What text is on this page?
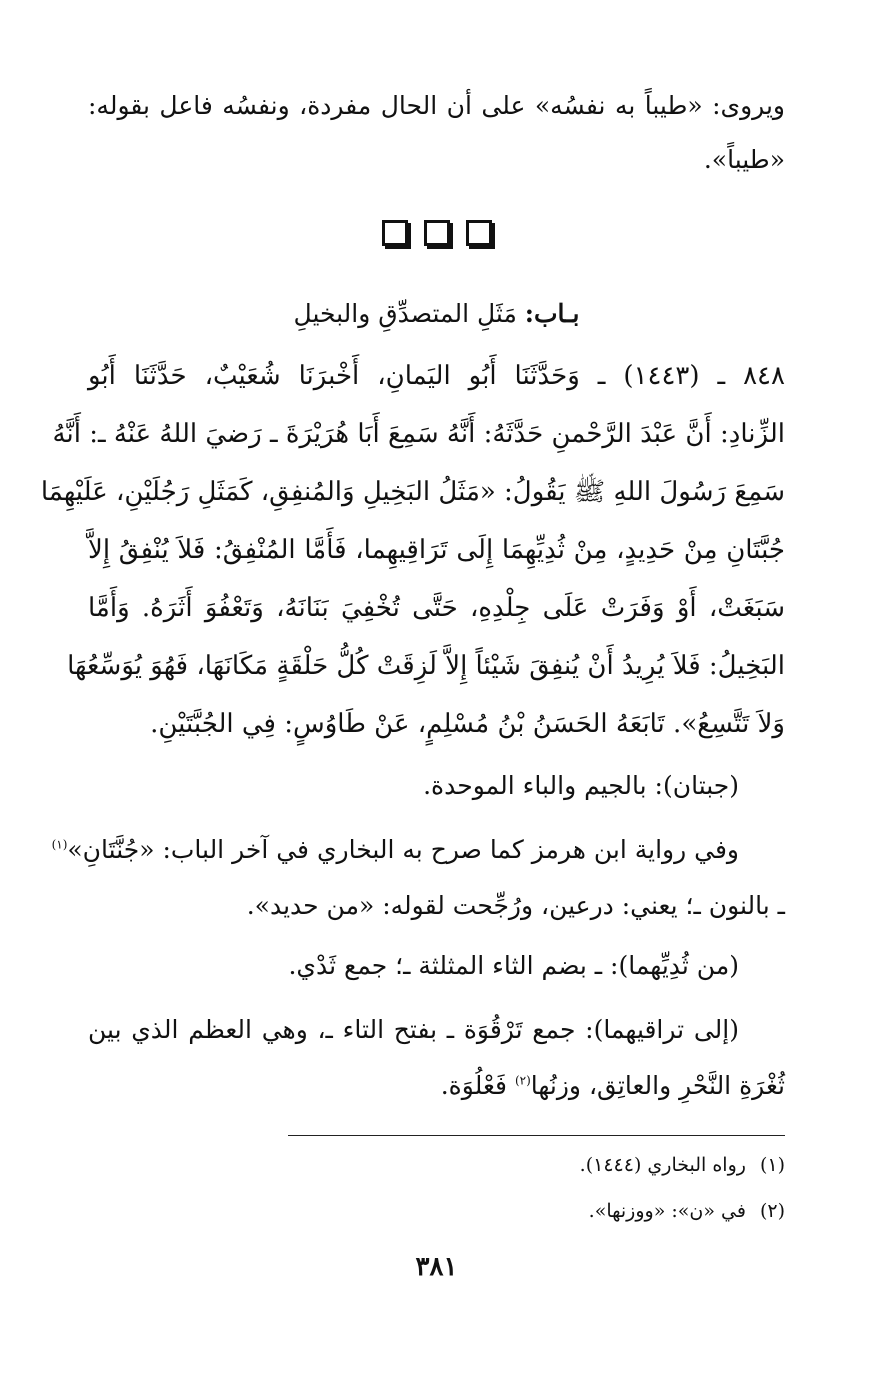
ويروى: «طيباً به نفسُه» على أن الحال مفردة، ونفسُه فاعل بقوله:
«طيباً».
بـاب: مَثَلِ المتصدِّقِ والبخيلِ
٨٤٨ ـ (١٤٤٣) ـ وَحَدَّثَنَا أَبُو اليَمانِ، أَخْبرَنَا شُعَيْبٌ، حَدَّثَنَا أَبُو
الزِّنادِ: أَنَّ عَبْدَ الرَّحْمنِ حَدَّثَهُ: أَنَّهُ سَمِعَ أَبَا هُرَيْرَةَ ـ رَضيَ اللهُ عَنْهُ ـ: أَنَّهُ
سَمِعَ رَسُولَ اللهِ ﷺ يَقُولُ: «مَثَلُ البَخِيلِ وَالمُنفِقِ، كَمَثَلِ رَجُلَيْنِ، عَلَيْهِمَا
جُبَّتَانِ مِنْ حَدِيدٍ، مِنْ ثُدِيِّهِمَا إِلَى تَرَاقِيهِما، فَأَمَّا المُنْفِقُ: فَلاَ يُنْفِقُ إِلاَّ
سَبَغَتْ، أَوْ وَفَرَتْ عَلَى جِلْدِهِ، حَتَّى تُخْفِيَ بَنَانَهُ، وَتَعْفُوَ أَثَرَهُ. وَأَمَّا
البَخِيلُ: فَلاَ يُرِيدُ أَنْ يُنفِقَ شَيْئاً إِلاَّ لَزِقَتْ كُلُّ حَلْقَةٍ مَكَانَهَا، فَهُوَ يُوَسِّعُهَا
وَلاَ تَتَّسِعُ». تَابَعَهُ الحَسَنُ بْنُ مُسْلِمٍ، عَنْ طَاوُسٍ: فِي الجُبَّتَيْنِ.
(جبتان): بالجيم والباء الموحدة.
وفي رواية ابن هرمز كما صرح به البخاري في آخر الباب: «جُنَّتَانِ»$^{(١)}$
ـ بالنون ـ؛ يعني: درعين، ورُجِّحت لقوله: «من حديد».
(من ثُدِيِّهما): ـ بضم الثاء المثلثة ـ؛ جمع ثَدْي.
(إلى تراقيهما): جمع تَرْقُوَة ـ بفتح التاء ـ، وهي العظم الذي بين
ثُغْرَةِ النَّحْرِ والعاتِق، وزنُها$^{(٢)}$ فَعْلُوَة.
(١)رواه البخاري (١٤٤٤).
(٢)في «ن»: «ووزنها».
٣٨١
